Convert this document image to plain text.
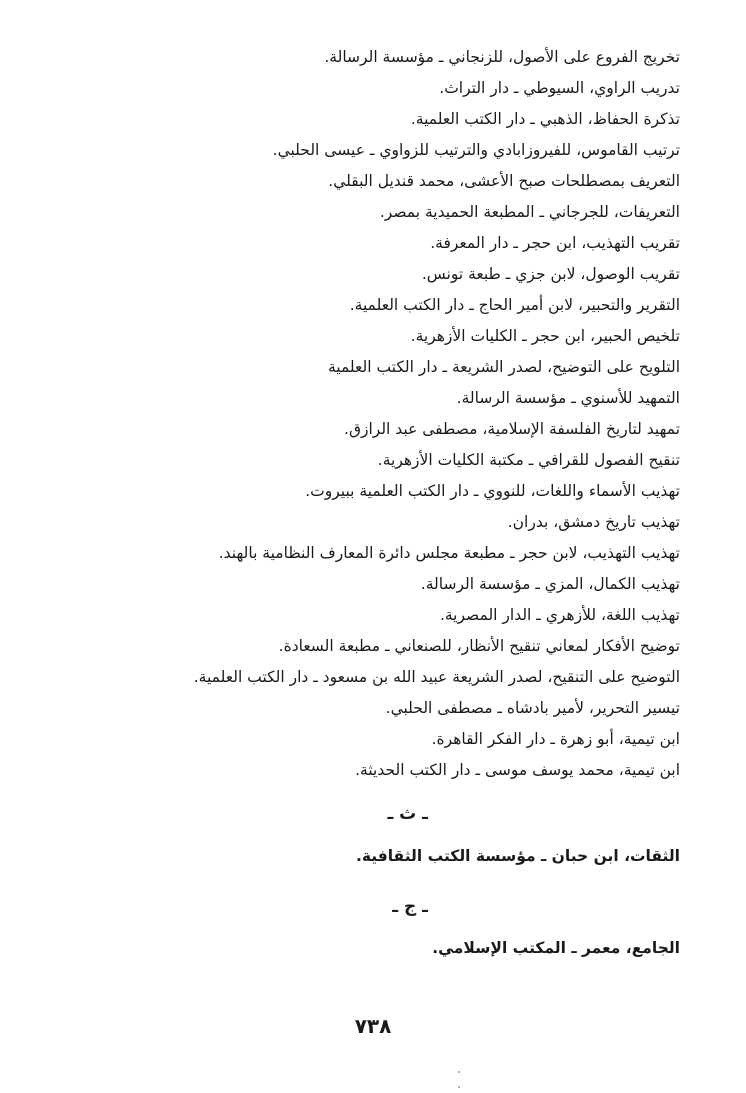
تخريج الفروع على الأصول، للزنجاني ـ مؤسسة الرسالة.
تدريب الراوي، السيوطي ـ دار التراث.
تذكرة الحفاظ، الذهبي ـ دار الكتب العلمية.
ترتيب القاموس، للفيروزابادي والترتيب للزواوي ـ عيسى الحلبي.
التعريف بمصطلحات صبح الأعشى، محمد قنديل البقلي.
التعريفات، للجرجاني ـ المطبعة الحميدية بمصر.
تقريب التهذيب، ابن حجر ـ دار المعرفة.
تقريب الوصول، لابن جزي ـ طبعة تونس.
التقرير والتحبير، لابن أمير الحاج ـ دار الكتب العلمية.
تلخيص الحبير، ابن حجر ـ الكليات الأزهرية.
التلويح على التوضيح، لصدر الشريعة ـ دار الكتب العلمية
التمهيد للأسنوي ـ مؤسسة الرسالة.
تمهيد لتاريخ الفلسفة الإسلامية، مصطفى عبد الرازق.
تنقيح الفصول للقرافي ـ مكتبة الكليات الأزهرية.
تهذيب الأسماء واللغات، للنووي ـ دار الكتب العلمية ببيروت.
تهذيب تاريخ دمشق، بدران.
تهذيب التهذيب، لابن حجر ـ مطبعة مجلس دائرة المعارف النظامية بالهند.
تهذيب الكمال، المزي ـ مؤسسة الرسالة.
تهذيب اللغة، للأزهري ـ الدار المصرية.
توضيح الأفكار لمعاني تنقيح الأنظار، للصنعاني ـ مطبعة السعادة.
التوضيح على التنقيح، لصدر الشريعة عبيد الله بن مسعود ـ دار الكتب العلمية.
تيسير التحرير، لأمير بادشاه ـ مصطفى الحلبي.
ابن تيمية، أبو زهرة ـ دار الفكر القاهرة.
ابن تيمية، محمد يوسف موسى ـ دار الكتب الحديثة.
ـ ث ـ
الثقات، ابن حبان ـ مؤسسة الكتب الثقافية.
ـ ج ـ
الجامع، معمر ـ المكتب الإسلامي.
٧٣٨
